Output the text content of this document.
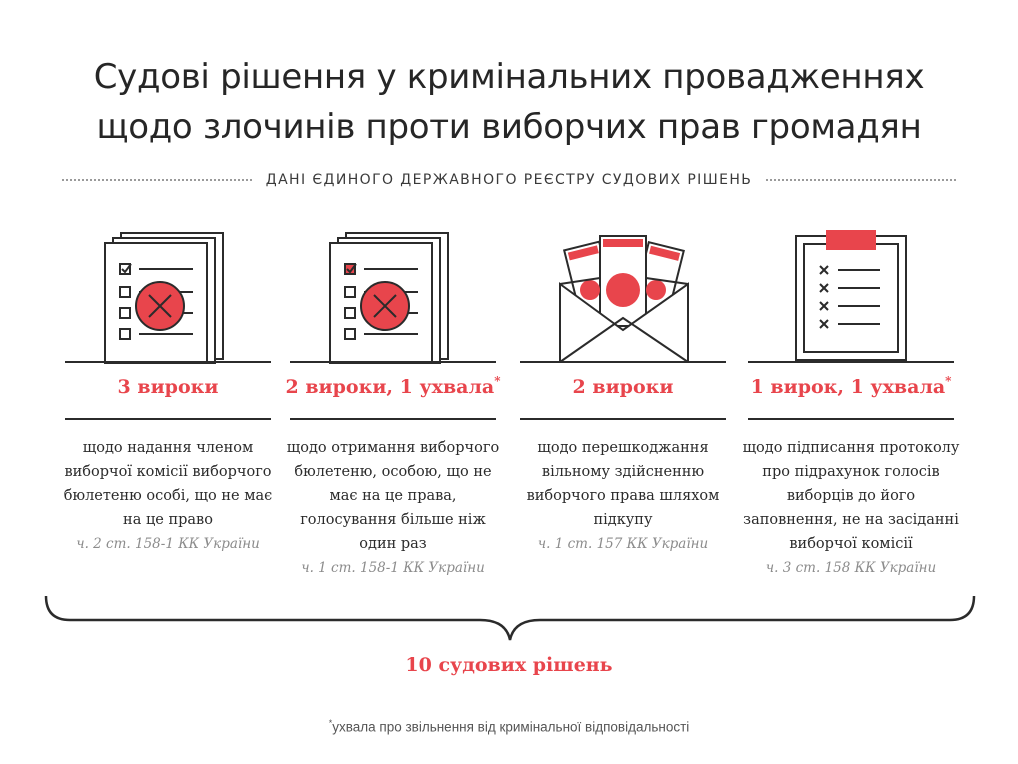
Судові рішення у кримінальних провадженнях
щодо злочинів проти виборчих прав громадян
ДАНІ ЄДИНОГО ДЕРЖАВНОГО РЕЄСТРУ СУДОВИХ РІШЕНЬ
3 вироки
щодо надання членом виборчої комісії виборчого бюлетеню особі, що не має на це право
ч. 2 ст. 158-1 КК України
2 вироки, 1 ухвала*
щодо отримання виборчого бюлетеню, особою, що не має на це права, голосування більше ніж один раз
ч. 1 ст. 158-1 КК України
2 вироки
щодо перешкоджання вільному здійсненню виборчого права шляхом підкупу
ч. 1 ст. 157 КК України
1 вирок, 1 ухвала*
щодо підписання протоколу про підрахунок голосів виборців до його заповнення, не на засіданні виборчої комісії
ч. 3 ст. 158 КК України
10 судових рішень
*ухвала про звільнення від кримінальної відповідальності
